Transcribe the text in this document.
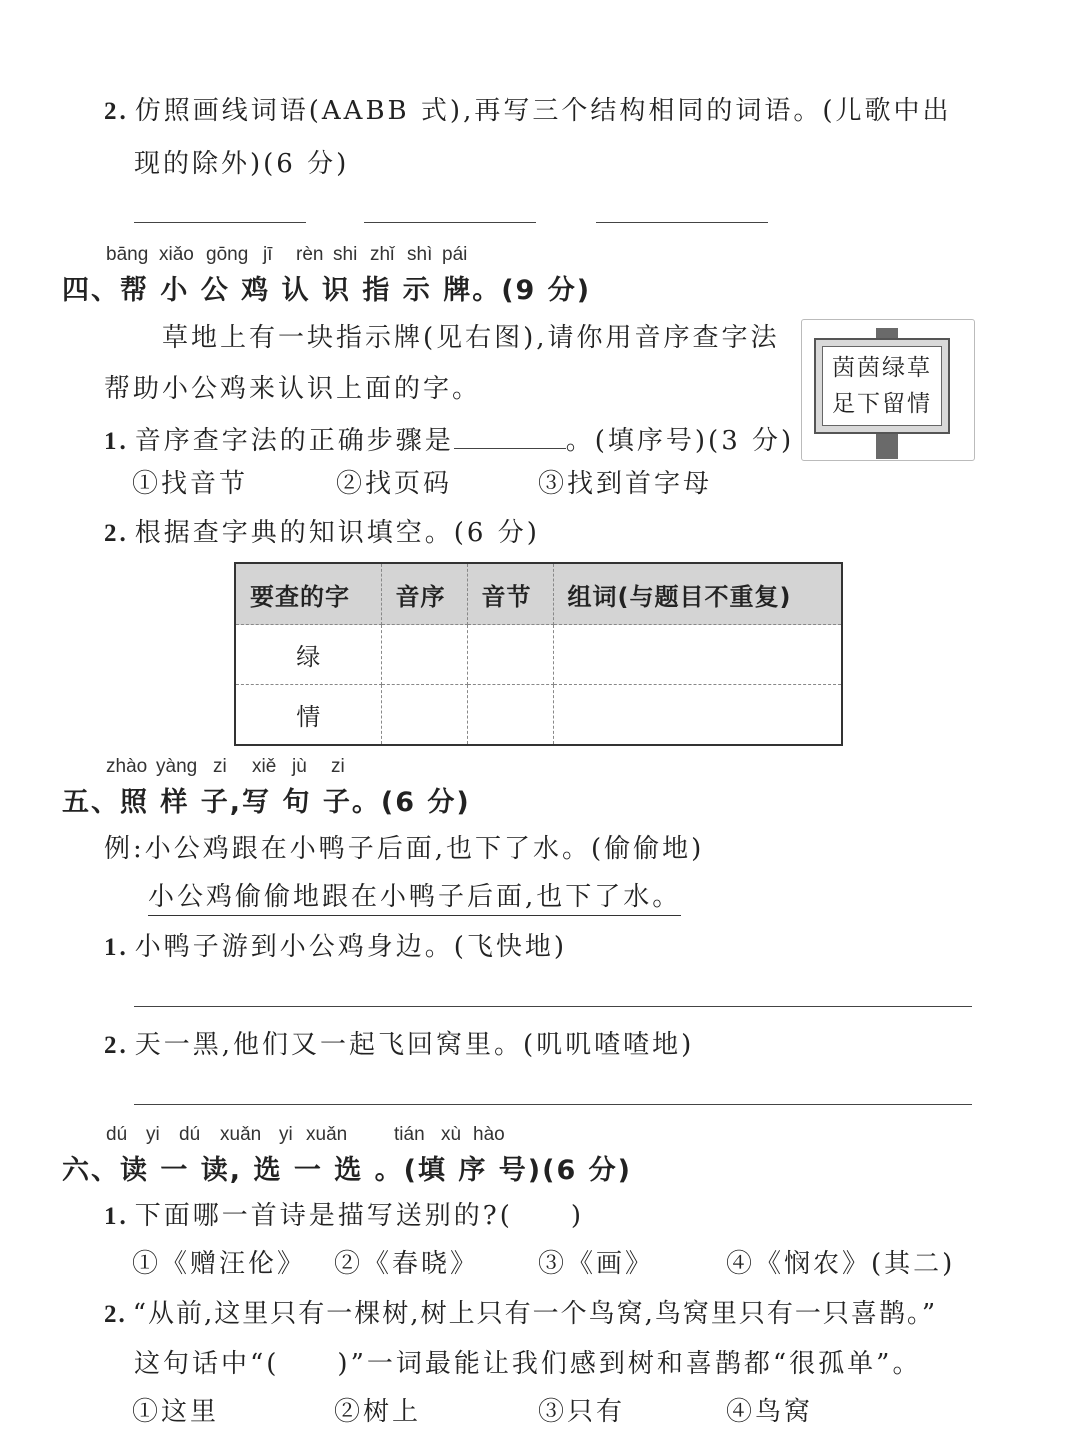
2. 仿照画线词语(AABB 式),再写三个结构相同的词语。(儿歌中出
现的除外)(6 分)
bāng xiǎo gōng jī rèn shi zhǐ shì pái
四、帮 小 公 鸡 认 识 指 示 牌。(9 分)
草地上有一块指示牌(见右图),请你用音序查字法
帮助小公鸡来认识上面的字。
茵茵绿草
足下留情
1. 音序查字法的正确步骤是	。(填序号)(3 分)
①找音节	②找页码	③找到首字母
2. 根据查字典的知识填空。(6 分)
要查的字	音序	音节	组词(与题目不重复)
绿			
情			
zhào yàng zi xiě jù zi
五、照 样 子,写 句 子。(6 分)
例:小公鸡跟在小鸭子后面,也下了水。(偷偷地)
小公鸡偷偷地跟在小鸭子后面,也下了水。
1. 小鸭子游到小公鸡身边。(飞快地)
2. 天一黑,他们又一起飞回窝里。(叽叽喳喳地)
dú yi dú xuǎn yi xuǎn tián xù hào
六、读 一 读, 选 一 选 。(填 序 号)(6 分)
1. 下面哪一首诗是描写送别的?(　　)
①《赠汪伦》 ②《春晓》 ③《画》	④《悯农》(其二)
2. “从前,这里只有一棵树,树上只有一个鸟窝,鸟窝里只有一只喜鹊。”
这句话中“(　　)”一词最能让我们感到树和喜鹊都“很孤单”。
①这里	②树上	③只有	④鸟窝
